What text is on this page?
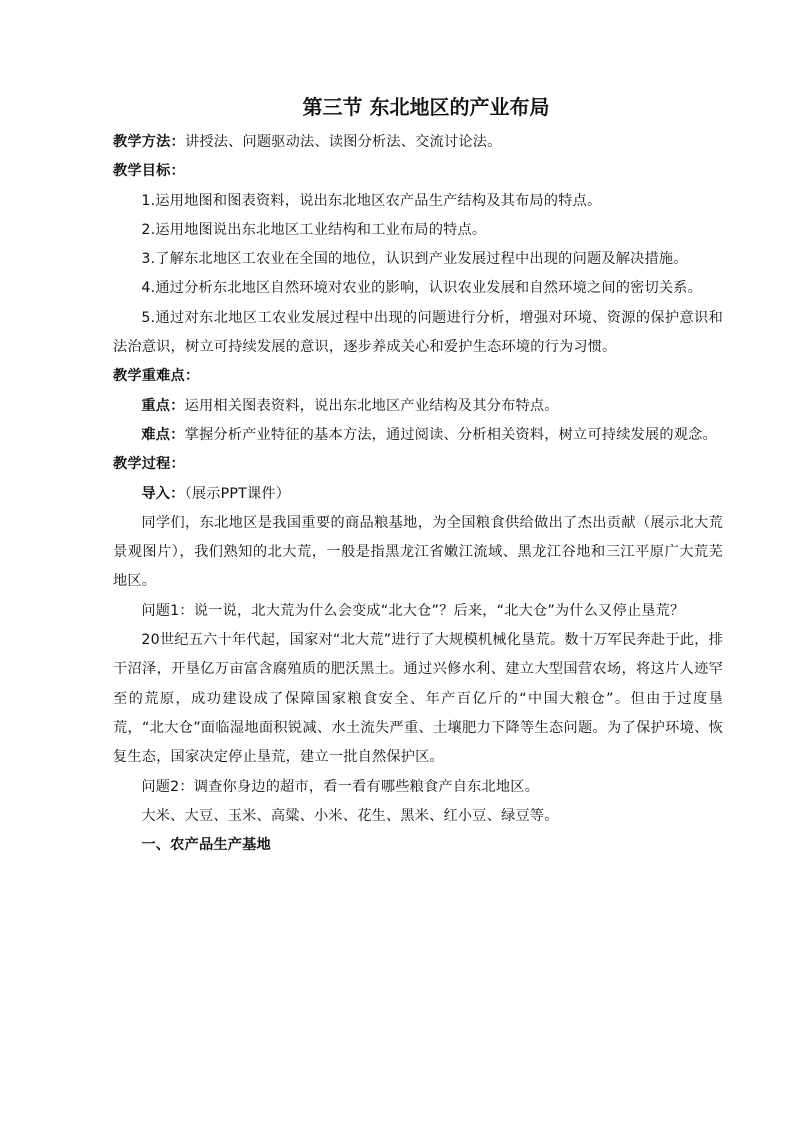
第三节 东北地区的产业布局

教学方法：讲授法、问题驱动法、读图分析法、交流讨论法。

教学目标：

1.运用地图和图表资料，说出东北地区农产品生产结构及其布局的特点。

2.运用地图说出东北地区工业结构和工业布局的特点。

3.了解东北地区工农业在全国的地位，认识到产业发展过程中出现的问题及解决措施。

4.通过分析东北地区自然环境对农业的影响，认识农业发展和自然环境之间的密切关系。

5.通过对东北地区工农业发展过程中出现的问题进行分析，增强对环境、资源的保护意识和法治意识，树立可持续发展的意识，逐步养成关心和爱护生态环境的行为习惯。

教学重难点：

重点：运用相关图表资料，说出东北地区产业结构及其分布特点。

难点：掌握分析产业特征的基本方法，通过阅读、分析相关资料，树立可持续发展的观念。

教学过程：

导入：（展示PPT课件）

同学们，东北地区是我国重要的商品粮基地，为全国粮食供给做出了杰出贡献（展示北大荒景观图片），我们熟知的北大荒，一般是指黑龙江省嫩江流域、黑龙江谷地和三江平原广大荒芜地区。

问题1：说一说，北大荒为什么会变成“北大仓”？后来，“北大仓”为什么又停止垦荒？

20世纪五六十年代起，国家对“北大荒”进行了大规模机械化垦荒。数十万军民奔赴于此，排干沼泽，开垦亿万亩富含腐殖质的肥沃黑土。通过兴修水利、建立大型国营农场，将这片人迹罕至的荒原，成功建设成了保障国家粮食安全、年产百亿斤的“中国大粮仓”。但由于过度垦荒，“北大仓”面临湿地面积锐减、水土流失严重、土壤肥力下降等生态问题。为了保护环境、恢复生态，国家决定停止垦荒，建立一批自然保护区。

问题2：调查你身边的超市，看一看有哪些粮食产自东北地区。

大米、大豆、玉米、高粱、小米、花生、黑米、红小豆、绿豆等。

一、农产品生产基地
